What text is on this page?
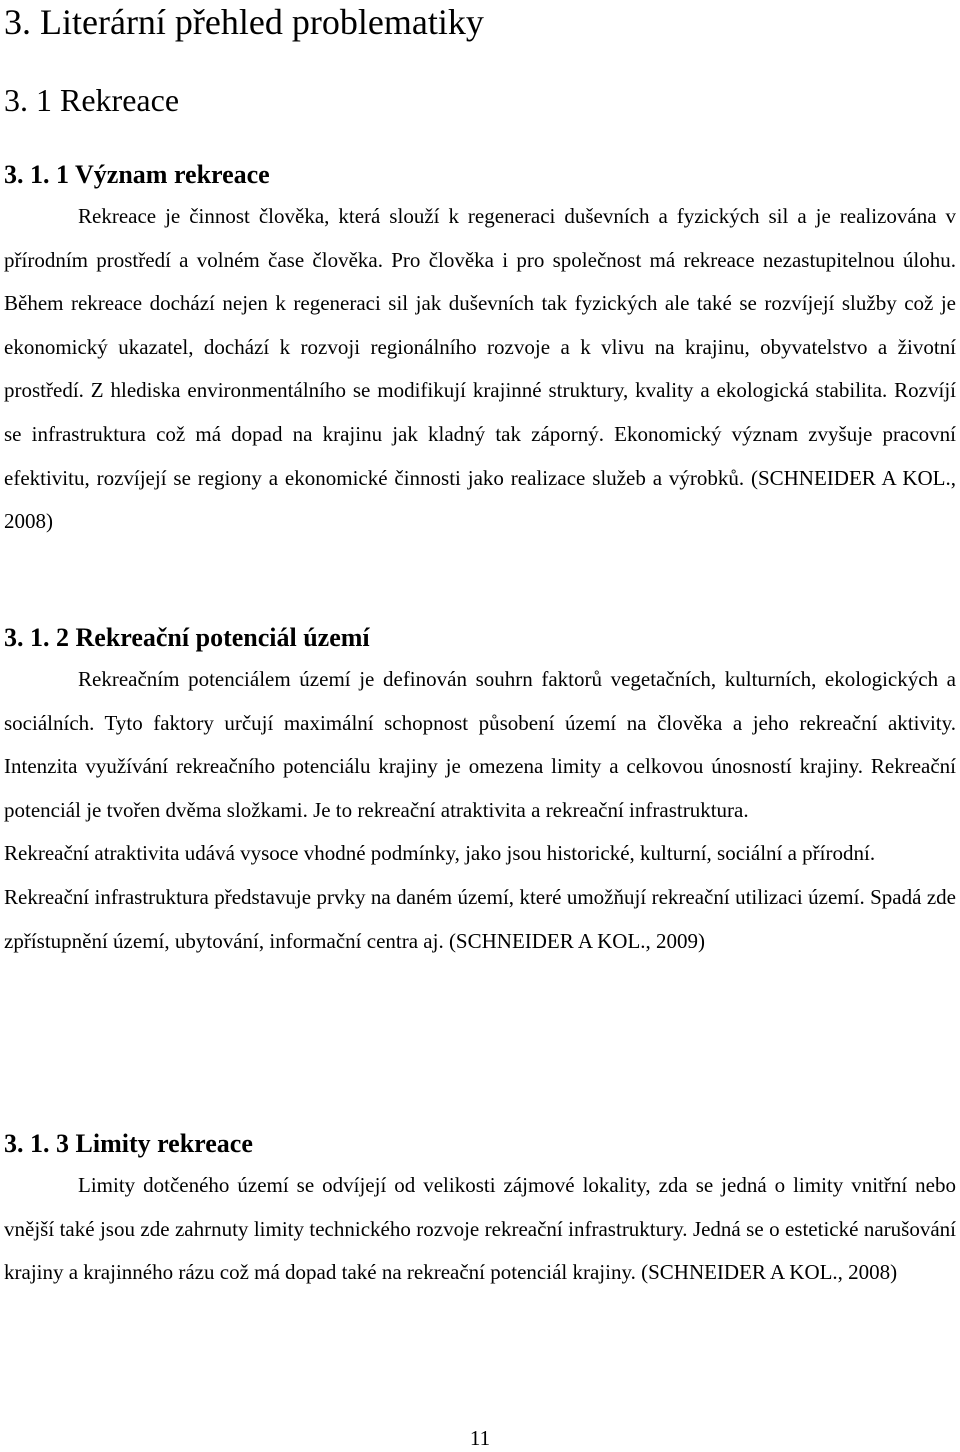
3. Literární přehled problematiky
3. 1 Rekreace
3. 1. 1 Význam rekreace

Rekreace je činnost člověka, která slouží k regeneraci duševních a fyzických sil a je realizována v přírodním prostředí a volném čase člověka. Pro člověka i pro společnost má rekreace nezastupitelnou úlohu. Během rekreace dochází nejen k regeneraci sil jak duševních tak fyzických ale také se rozvíjejí služby což je ekonomický ukazatel, dochází k rozvoji regionálního rozvoje a k vlivu na krajinu, obyvatelstvo a životní prostředí. Z hlediska environmentálního se modifikují krajinné struktury, kvality a ekologická stabilita. Rozvíjí se infrastruktura což má dopad na krajinu jak kladný tak záporný. Ekonomický význam zvyšuje pracovní efektivitu, rozvíjejí se regiony a ekonomické činnosti jako realizace služeb a výrobků. (SCHNEIDER A KOL., 2008)

3. 1. 2 Rekreační potenciál území

Rekreačním potenciálem území je definován souhrn faktorů vegetačních, kulturních, ekologických a sociálních. Tyto faktory určují maximální schopnost působení území na člověka a jeho rekreační aktivity. Intenzita využívání rekreačního potenciálu krajiny je omezena limity a celkovou únosností krajiny. Rekreační potenciál je tvořen dvěma složkami. Je to rekreační atraktivita a rekreační infrastruktura.

Rekreační atraktivita udává vysoce vhodné podmínky, jako jsou historické, kulturní, sociální a přírodní.

Rekreační infrastruktura představuje prvky na daném území, které umožňují rekreační utilizaci území. Spadá zde zpřístupnění území, ubytování, informační centra aj. (SCHNEIDER A KOL., 2009)

3. 1. 3 Limity rekreace

Limity dotčeného území se odvíjejí od velikosti zájmové lokality, zda se jedná o limity vnitřní nebo vnější také jsou zde zahrnuty limity technického rozvoje rekreační infrastruktury. Jedná se o estetické narušování krajiny a krajinného rázu což má dopad také na rekreační potenciál krajiny. (SCHNEIDER A KOL., 2008)

11
